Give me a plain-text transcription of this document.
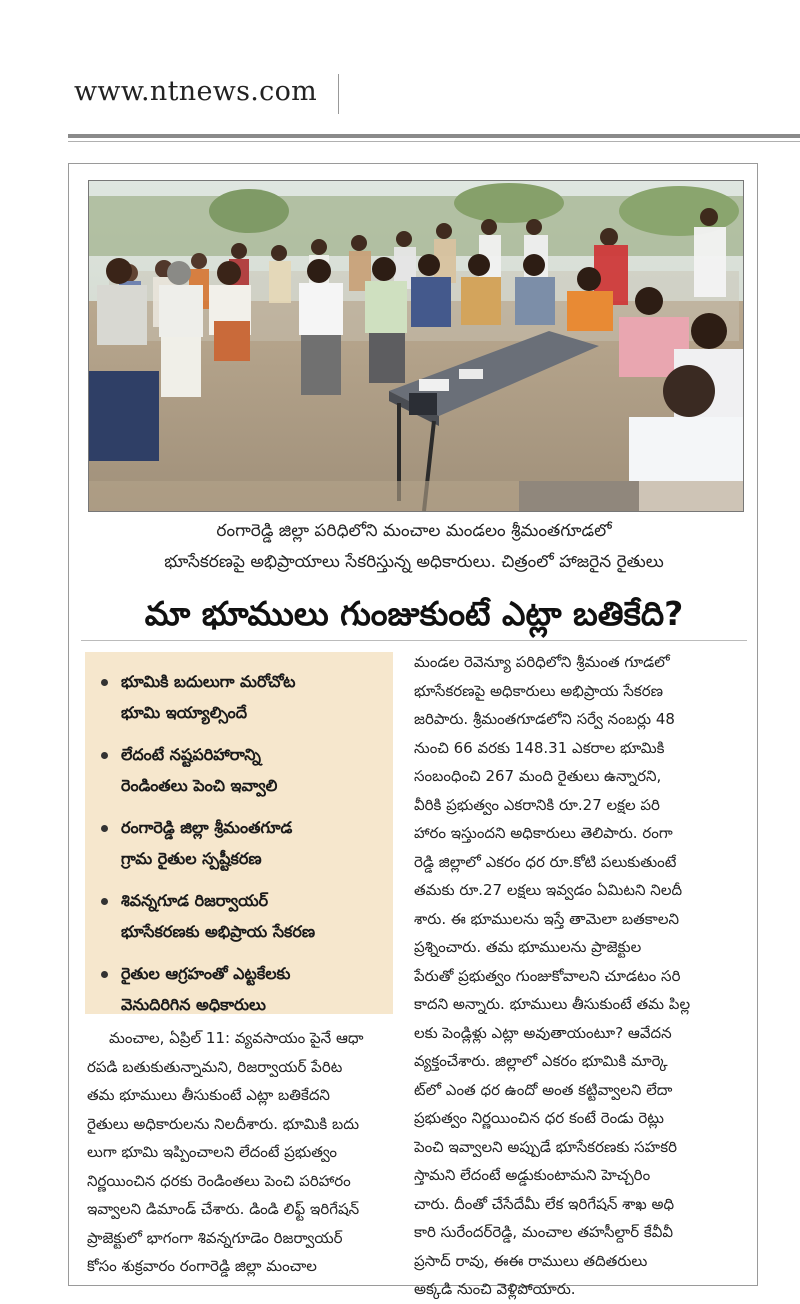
www.ntnews.com
రంగారెడ్డి జిల్లా పరిధిలోని మంచాల మండలం శ్రీమంతగూడలో
భూసేకరణపై అభిప్రాయాలు సేకరిస్తున్న అధికారులు. చిత్రంలో హాజరైన రైతులు
మా భూములు గుంజుకుంటే ఎట్లా బతికేది?
భూమికి బదులుగా మరోచోట
భూమి ఇయ్యాల్సిందే
లేదంటే నష్టపరిహారాన్ని
రెండింతలు పెంచి ఇవ్వాలి
రంగారెడ్డి జిల్లా శ్రీమంతగూడ
గ్రామ రైతుల స్పష్టీకరణ
శివన్నగూడ రిజర్వాయర్
భూసేకరణకు అభిప్రాయ సేకరణ
రైతుల ఆగ్రహంతో ఎట్టకేలకు
వెనుదిరిగిన అధికారులు
మంచాల, ఏప్రిల్ 11: వ్యవసాయం పైనే ఆధా
రపడి బతుకుతున్నామని, రిజర్వాయర్ పేరిట
తమ భూములు తీసుకుంటే ఎట్లా బతికేదని
రైతులు అధికారులను నిలదీశారు. భూమికి బదు
లుగా భూమి ఇప్పించాలని లేదంటే ప్రభుత్వం
నిర్ణయించిన ధరకు రెండింతలు పెంచి పరిహారం
ఇవ్వాలని డిమాండ్ చేశారు. డిండి లిఫ్ట్ ఇరిగేషన్
ప్రాజెక్టులో భాగంగా శివన్నగూడెం రిజర్వాయర్
కోసం శుక్రవారం రంగారెడ్డి జిల్లా మంచాల
మండల రెవెన్యూ పరిధిలోని శ్రీమంత గూడలో
భూసేకరణపై అధికారులు అభిప్రాయ సేకరణ
జరిపారు. శ్రీమంతగూడలోని సర్వే నంబర్లు 48
నుంచి 66 వరకు 148.31 ఎకరాల భూమికి
సంబంధించి 267 మంది రైతులు ఉన్నారని,
వీరికి ప్రభుత్వం ఎకరానికి రూ.27 లక్షల పరి
హారం ఇస్తుందని అధికారులు తెలిపారు. రంగా
రెడ్డి జిల్లాలో ఎకరం ధర రూ.కోటి పలుకుతుంటే
తమకు రూ.27 లక్షలు ఇవ్వడం ఏమిటని నిలదీ
శారు. ఈ భూములను ఇస్తే తామెలా బతకాలని
ప్రశ్నించారు. తమ భూములను ప్రాజెక్టుల
పేరుతో ప్రభుత్వం గుంజుకోవాలని చూడటం సరి
కాదని అన్నారు. భూములు తీసుకుంటే తమ పిల్ల
లకు పెండ్లిళ్లు ఎట్లా అవుతాయంటూ? ఆవేదన
వ్యక్తంచేశారు. జిల్లాలో ఎకరం భూమికి మార్కె
ట్‌లో ఎంత ధర ఉందో అంత కట్టివ్వాలని లేదా
ప్రభుత్వం నిర్ణయించిన ధర కంటే రెండు రెట్లు
పెంచి ఇవ్వాలని అప్పుడే భూసేకరణకు సహకరి
స్తామని లేదంటే అడ్డుకుంటామని హెచ్చరిం
చారు. దీంతో చేసేదేమీ లేక ఇరిగేషన్ శాఖ అధి
కారి సురేందర్‌రెడ్డి, మంచాల తహసీల్దార్ కేవీవీ
ప్రసాద్ రావు, ఈఈ రాములు తదితరులు
అక్కడి నుంచి వెళ్లిపోయారు.
